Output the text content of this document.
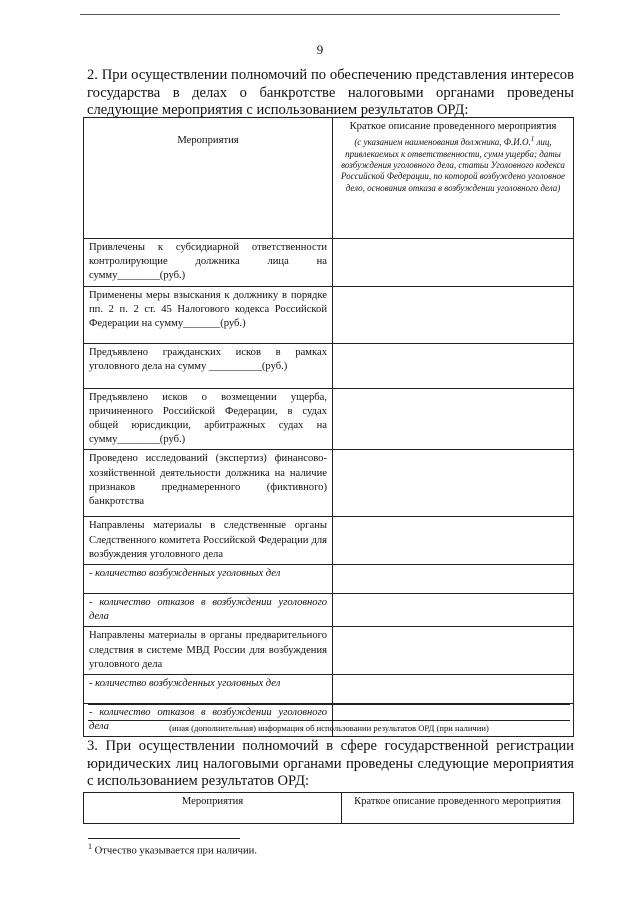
9
2. При осуществлении полномочий по обеспечению представления интересов государства в делах о банкротстве налоговыми органами проведены следующие мероприятия с использованием результатов ОРД:
Мероприятия	Краткое описание проведенного мероприятия
(с указанием наименования должника, Ф.И.О.$^1$ лиц, привлекаемых к ответственности, сумм ущерба; даты возбуждения уголовного дела, статьи Уголовного кодекса Российской Федерации, по которой возбуждено уголовное дело, основания отказа в возбуждении уголовного дела)

Привлечены к субсидиарной ответственности контролирующие должника лица на сумму________(руб.)	
Применены меры взыскания к должнику в порядке пп. 2 п. 2 ст. 45 Налогового кодекса Российской Федерации на сумму_______(руб.)	
Предъявлено гражданских исков в рамках уголовного дела на сумму __________(руб.)	
Предъявлено исков о возмещении ущерба, причиненного Российской Федерации, в судах общей юрисдикции, арбитражных судах на сумму________(руб.)	
Проведено исследований (экспертиз) финансово-хозяйственной деятельности должника на наличие признаков преднамеренного (фиктивного) банкротства	
Направлены материалы в следственные органы Следственного комитета Российской Федерации для возбуждения уголовного дела	
- количество возбужденных уголовных дел	
- количество отказов в возбуждении уголовного дела	
Направлены материалы в органы предварительного следствия в системе МВД России для возбуждения уголовного дела	
- количество возбужденных уголовных дел	
- количество отказов в возбуждении уголовного дела		(иная (дополнительная) информация об использовании результатов ОРД (при наличии)
3. При осуществлении полномочий в сфере государственной регистрации юридических лиц налоговыми органами проведены следующие мероприятия с использованием результатов ОРД:
Мероприятия	Краткое описание проведенного мероприятия
$^1$ Отчество указывается при наличии.
